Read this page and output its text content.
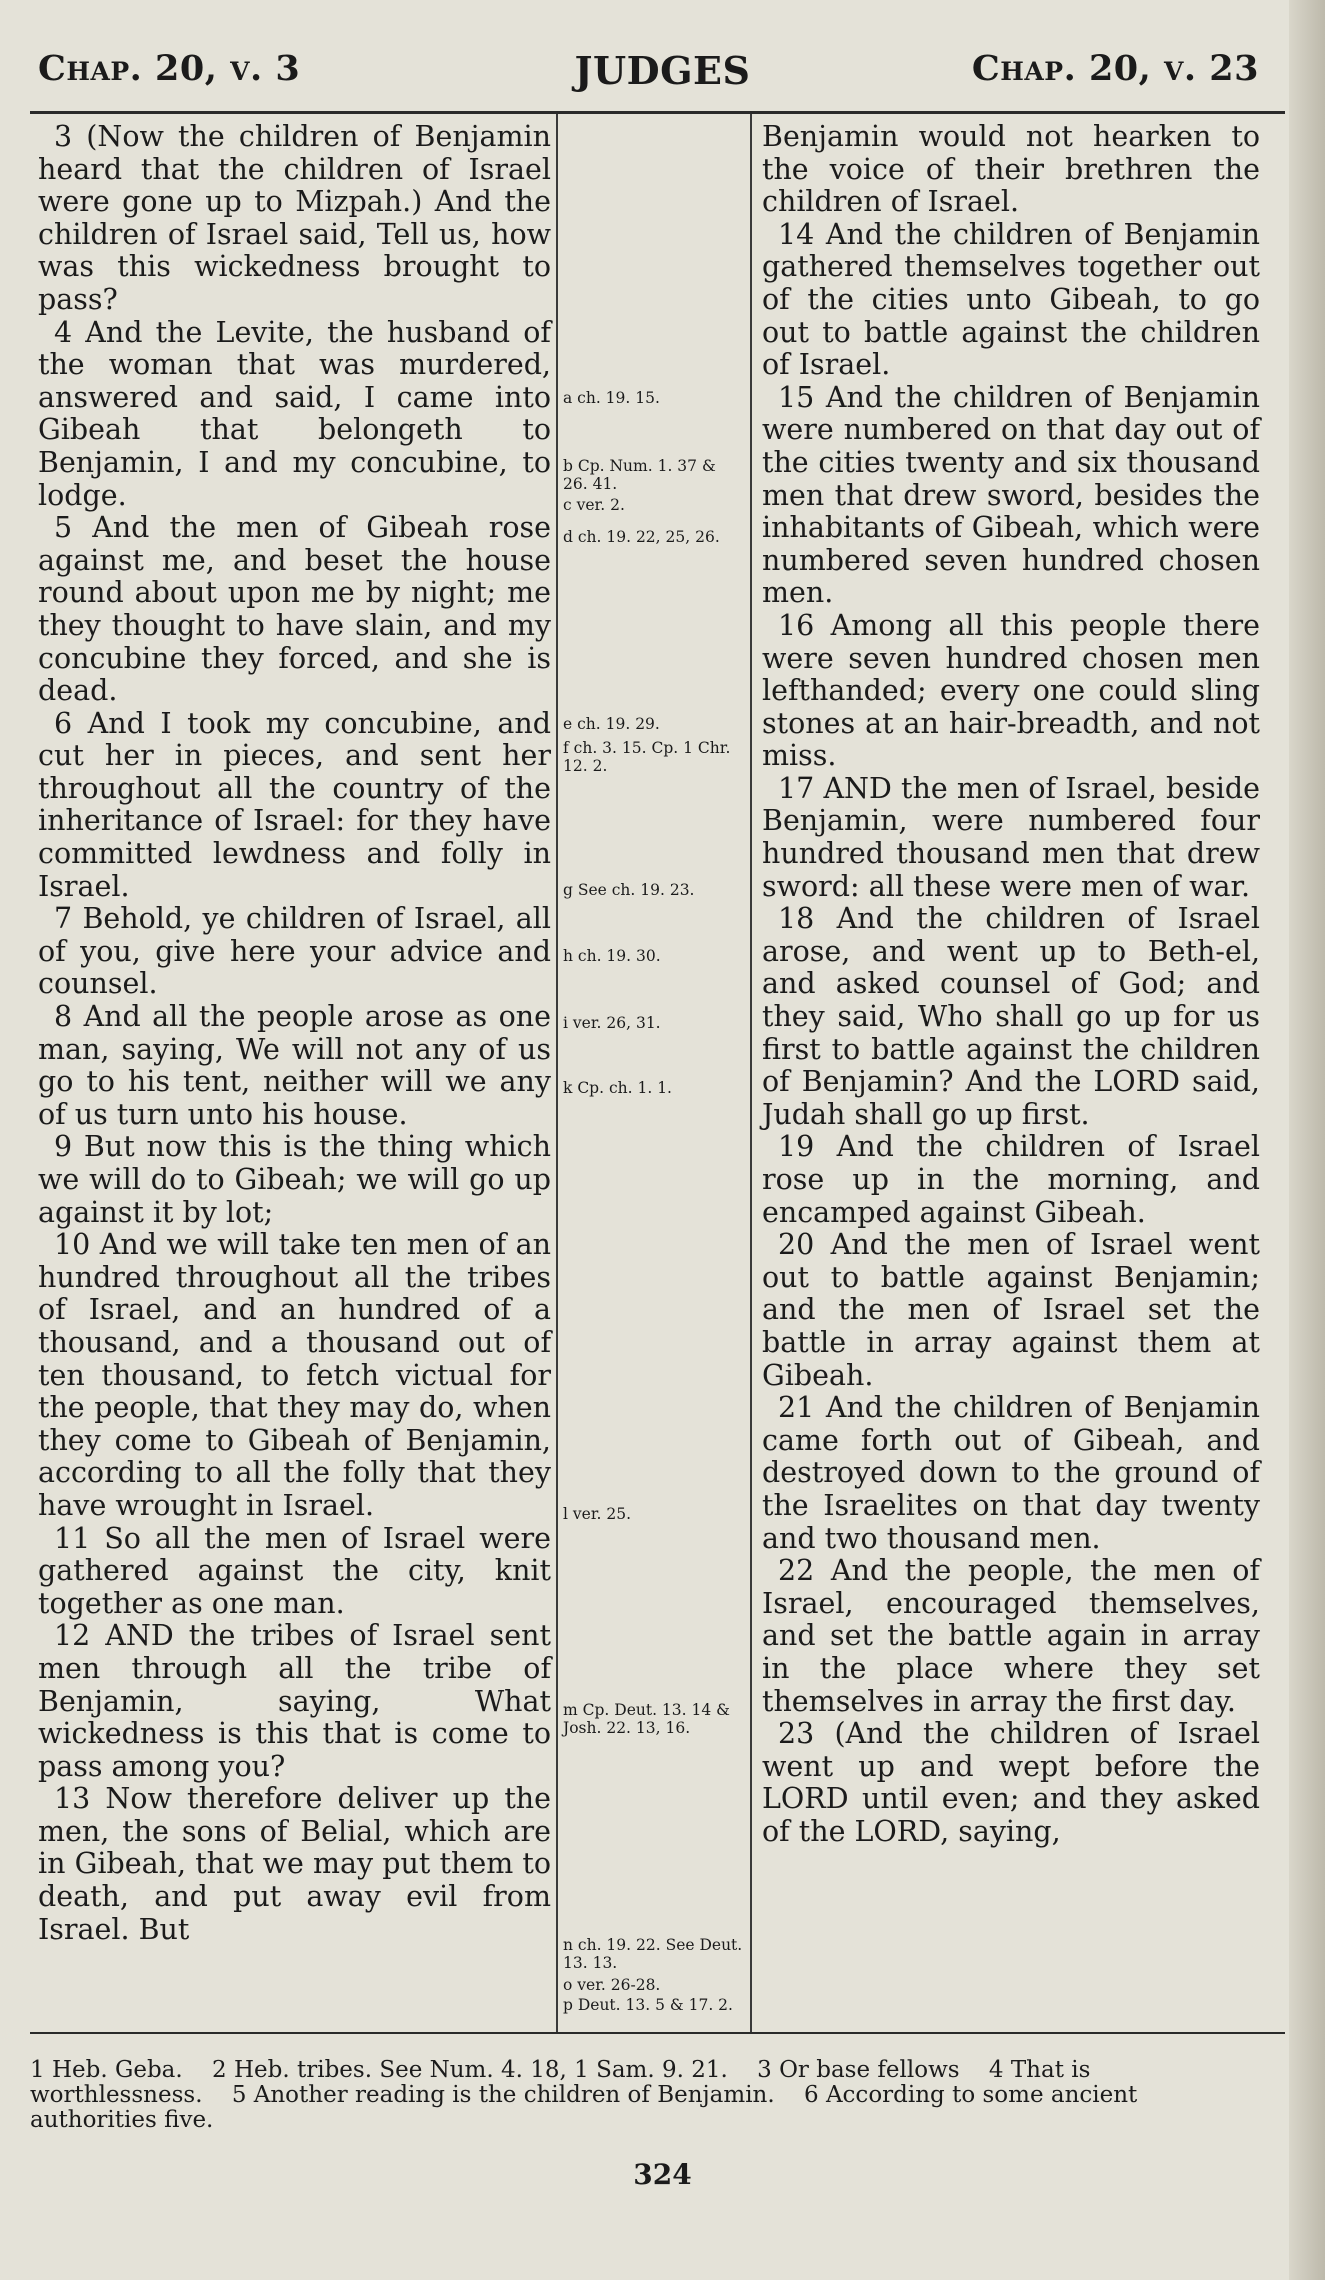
Chap. 20, v. 3	JUDGES	Chap. 20, v. 23

3 (Now the children of Benjamin heard that the children of Israel were gone up to Mizpah.) And the children of Israel said, Tell us, how was this wickedness brought to pass?

4 And the Levite, the husband of the woman that was murdered, answered and said, I came into Gibeah that belongeth to Benjamin, I and my concubine, to lodge.

5 And the men of Gibeah rose against me, and beset the house round about upon me by night; me they thought to have slain, and my concubine they forced, and she is dead.

6 And I took my concubine, and cut her in pieces, and sent her throughout all the country of the inheritance of Israel: for they have committed lewdness and folly in Israel.

7 Behold, ye children of Israel, all of you, give here your advice and counsel.

8 And all the people arose as one man, saying, We will not any of us go to his tent, neither will we any of us turn unto his house.

9 But now this is the thing which we will do to Gibeah; we will go up against it by lot;

10 And we will take ten men of an hundred throughout all the tribes of Israel, and an hundred of a thousand, and a thousand out of ten thousand, to fetch victual for the people, that they may do, when they come to Gibeah of Benjamin, according to all the folly that they have wrought in Israel.

11 So all the men of Israel were gathered against the city, knit together as one man.

12 AND the tribes of Israel sent men through all the tribe of Benjamin, saying, What wickedness is this that is come to pass among you?

13 Now therefore deliver up the men, the sons of Belial, which are in Gibeah, that we may put them to death, and put away evil from Israel. But

a ch. 19. 15.
b Cp. Num. 1. 37 & 26. 41.
c ver. 2.
d ch. 19. 22, 25, 26.
e ch. 19. 29.
f ch. 3. 15. Cp. 1 Chr. 12. 2.
g See ch. 19. 23.
h ch. 19. 30.
i ver. 26, 31.
k Cp. ch. 1. 1.
l ver. 25.
m Cp. Deut. 13. 14 & Josh. 22. 13, 16.
n ch. 19. 22. See Deut. 13. 13.
o ver. 26-28.
p Deut. 13. 5 & 17. 2.

Benjamin would not hearken to the voice of their brethren the children of Israel.

14 And the children of Benjamin gathered themselves together out of the cities unto Gibeah, to go out to battle against the children of Israel.

15 And the children of Benjamin were numbered on that day out of the cities twenty and six thousand men that drew sword, besides the inhabitants of Gibeah, which were numbered seven hundred chosen men.

16 Among all this people there were seven hundred chosen men lefthanded; every one could sling stones at an hair-breadth, and not miss.

17 AND the men of Israel, beside Benjamin, were numbered four hundred thousand men that drew sword: all these were men of war.

18 And the children of Israel arose, and went up to Beth-el, and asked counsel of God; and they said, Who shall go up for us first to battle against the children of Benjamin? And the LORD said, Judah shall go up first.

19 And the children of Israel rose up in the morning, and encamped against Gibeah.

20 And the men of Israel went out to battle against Benjamin; and the men of Israel set the battle in array against them at Gibeah.

21 And the children of Benjamin came forth out of Gibeah, and destroyed down to the ground of the Israelites on that day twenty and two thousand men.

22 And the people, the men of Israel, encouraged themselves, and set the battle again in array in the place where they set themselves in array the first day.

23 (And the children of Israel went up and wept before the LORD until even; and they asked of the LORD, saying,

1 Heb. Geba. 2 Heb. tribes. See Num. 4. 18, 1 Sam. 9. 21. 3 Or base fellows 4 That is worthlessness. 5 Another reading is the children of Benjamin. 6 According to some ancient authorities five.
324
